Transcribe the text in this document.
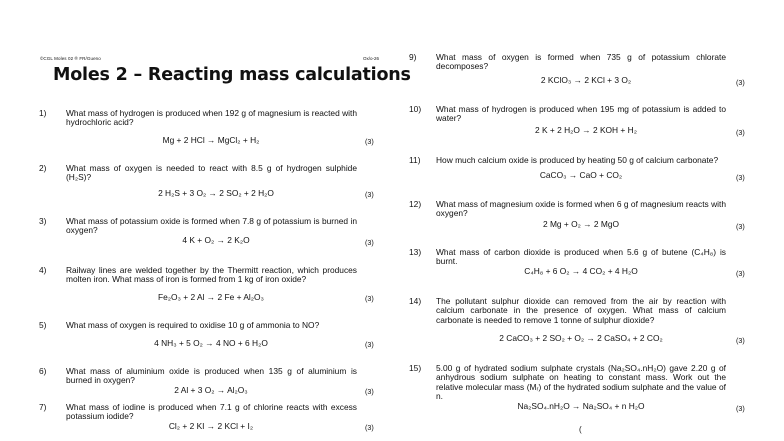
©CGL Moles 02 ® FR/Gueno	Ox/o-26
Moles 2 – Reacting mass calculations
1) What mass of hydrogen is produced when 192 g of magnesium is reacted with hydrochloric acid?
Mg + 2 HCl → MgCl₂ + H₂	(3)
2) What mass of oxygen is needed to react with 8.5 g of hydrogen sulphide (H₂S)?
2 H₂S + 3 O₂ → 2 SO₂ + 2 H₂O	(3)
3) What mass of potassium oxide is formed when 7.8 g of potassium is burned in oxygen?
4 K + O₂ → 2 K₂O	(3)
4) Railway lines are welded together by the Thermitt reaction, which produces molten iron. What mass of iron is formed from 1 kg of iron oxide?
Fe₂O₃ + 2 Al → 2 Fe + Al₂O₃	(3)
5) What mass of oxygen is required to oxidise 10 g of ammonia to NO?
4 NH₃ + 5 O₂ → 4 NO + 6 H₂O	(3)
6) What mass of aluminium oxide is produced when 135 g of aluminium is burned in oxygen?
2 Al + 3 O₂ → Al₂O₃	(3)
7) What mass of iodine is produced when 7.1 g of chlorine reacts with excess potassium iodide?
Cl₂ + 2 KI → 2 KCl + I₂	(3)
9) What mass of oxygen is formed when 735 g of potassium chlorate decomposes?
2 KClO₃ → 2 KCl + 3 O₂	(3)
10) What mass of hydrogen is produced when 195 mg of potassium is added to water?
2 K + 2 H₂O → 2 KOH + H₂	(3)
11) How much calcium oxide is produced by heating 50 g of calcium carbonate?
CaCO₃ → CaO + CO₂	(3)
12) What mass of magnesium oxide is formed when 6 g of magnesium reacts with oxygen?
2 Mg + O₂ → 2 MgO	(3)
13) What mass of carbon dioxide is produced when 5.6 g of butene (C₄H₈) is burnt.
C₄H₈ + 6 O₂ → 4 CO₂ + 4 H₂O	(3)
14) The pollutant sulphur dioxide can removed from the air by reaction with calcium carbonate in the presence of oxygen. What mass of calcium carbonate is needed to remove 1 tonne of sulphur dioxide?
2 CaCO₃ + 2 SO₂ + O₂ → 2 CaSO₄ + 2 CO₂	(3)
15) 5.00 g of hydrated sodium sulphate crystals (Na₂SO₄.nH₂O) gave 2.20 g of anhydrous sodium sulphate on heating to constant mass. Work out the relative molecular mass (Mᵣ) of the hydrated sodium sulphate and the value of n.
Na₂SO₄.nH₂O → Na₂SO₄ + n H₂O	(3)
(
